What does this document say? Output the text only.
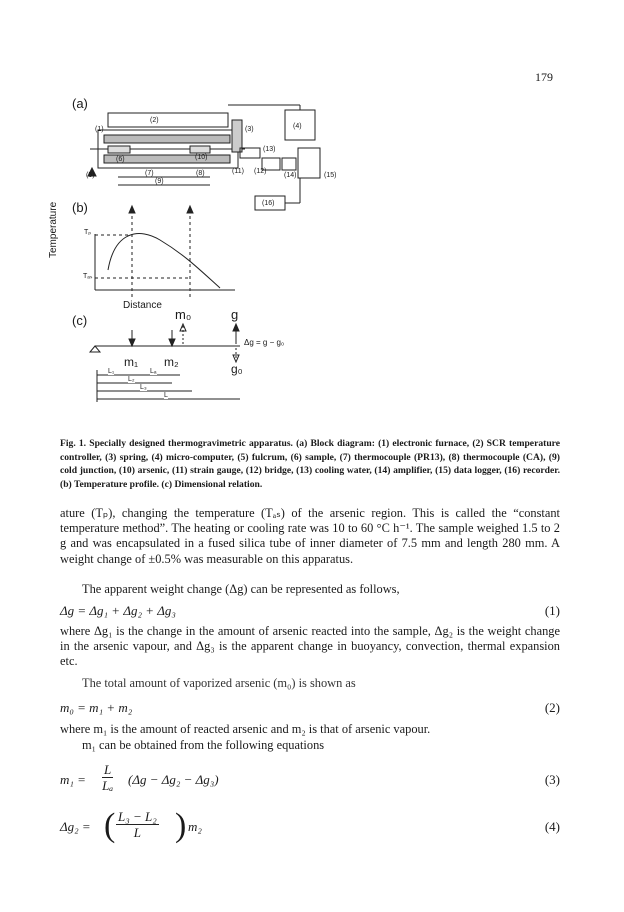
179
(a)
(b)
(c)
(2)
(1)	(3)	(4)
(5)
(6)
(7)	(8)
(9)
(10)
(11) (12)
(13)
(14)	(15)
(16)
Temperature	Tₚ
Tₐₛ
Distance
m₀	g
Δg = g − g₀
g₀
m₁ m₂
L₁	Lₐ
L₂
L₃
L
Fig. 1. Specially designed thermogravimetric apparatus. (a) Block diagram: (1) electronic furnace, (2) SCR temperature controller, (3) spring, (4) micro-computer, (5) fulcrum, (6) sample, (7) thermocouple (PR13), (8) thermocouple (CA), (9) cold junction, (10) arsenic, (11) strain gauge, (12) bridge, (13) cooling water, (14) amplifier, (15) data logger, (16) recorder. (b) Temperature profile. (c) Dimensional relation.
ature (Tₚ), changing the temperature (Tₐₛ) of the arsenic region. This is called the “constant temperature method”. The heating or cooling rate was 10 to 60 °C h⁻¹. The sample weighed 1.5 to 2 g and was encapsulated in a fused silica tube of inner diameter of 7.5 mm and length 280 mm. A weight change of ±0.5% was measurable on this apparatus.
The apparent weight change (Δg) can be represented as follows,
Δg = Δg₁ + Δg₂ + Δg₃	(1)
where Δg₁ is the change in the amount of arsenic reacted into the sample, Δg₂ is the weight change in the arsenic vapour, and Δg₃ is the apparent change in buoyancy, convection, thermal expansion etc.
The total amount of vaporized arsenic (m₀) is shown as
m₀ = m₁ + m₂	(2)
where m₁ is the amount of reacted arsenic and m₂ is that of arsenic vapour.
m₁ can be obtained from the following equations
$m_1 = \frac{L}{\text{Lₐ}} (\Delta g - \Delta g_2 - \Delta g_3)$	(3)
Δg₂ = ( $\frac{\text{L₃ − L₂}}{L}$ ) m₂	(4)
